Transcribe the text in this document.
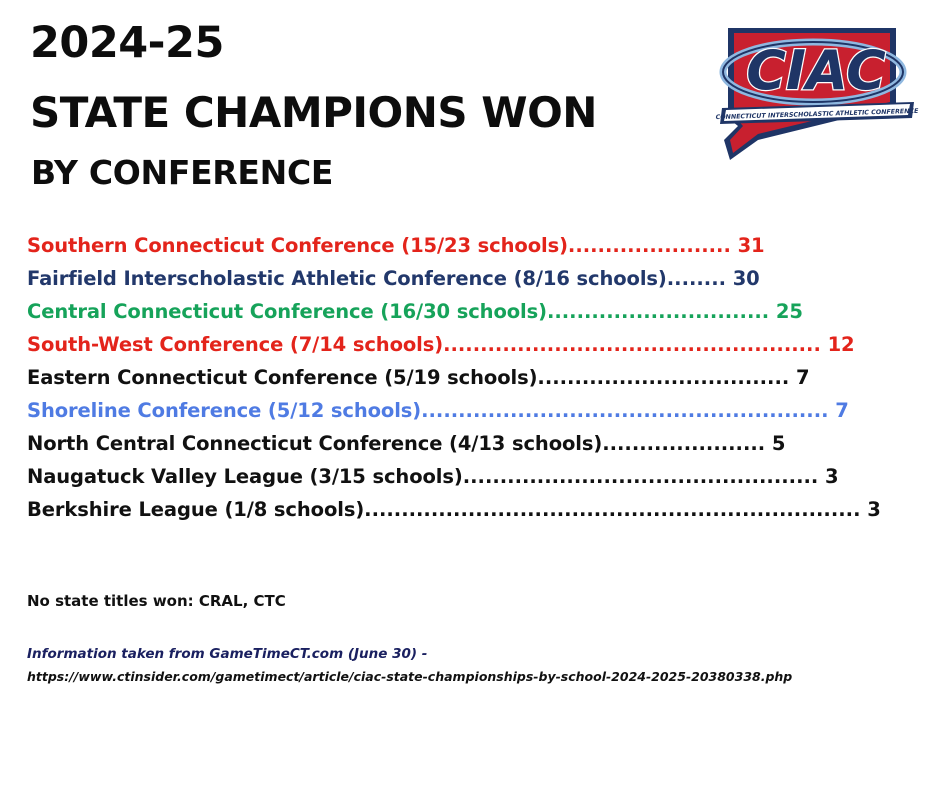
2024-25
STATE CHAMPIONS WON
BY CONFERENCE
CIAC
CONNECTICUT INTERSCHOLASTIC ATHLETIC CONFERENCE
Southern Connecticut Conference (15/23 schools)...................... 31
Fairfield Interscholastic Athletic Conference (8/16 schools)........ 30
Central Connecticut Conference (16/30 schools).............................. 25
South-West Conference (7/14 schools)................................................... 12
Eastern Connecticut Conference (5/19 schools).................................. 7
Shoreline Conference (5/12 schools)....................................................... 7
North Central Connecticut Conference (4/13 schools)...................... 5
Naugatuck Valley League (3/15 schools)................................................ 3
Berkshire League (1/8 schools)................................................................... 3
No state titles won: CRAL, CTC
Information taken from GameTimeCT.com (June 30) -
https://www.ctinsider.com/gametimect/article/ciac-state-championships-by-school-2024-2025-20380338.php
